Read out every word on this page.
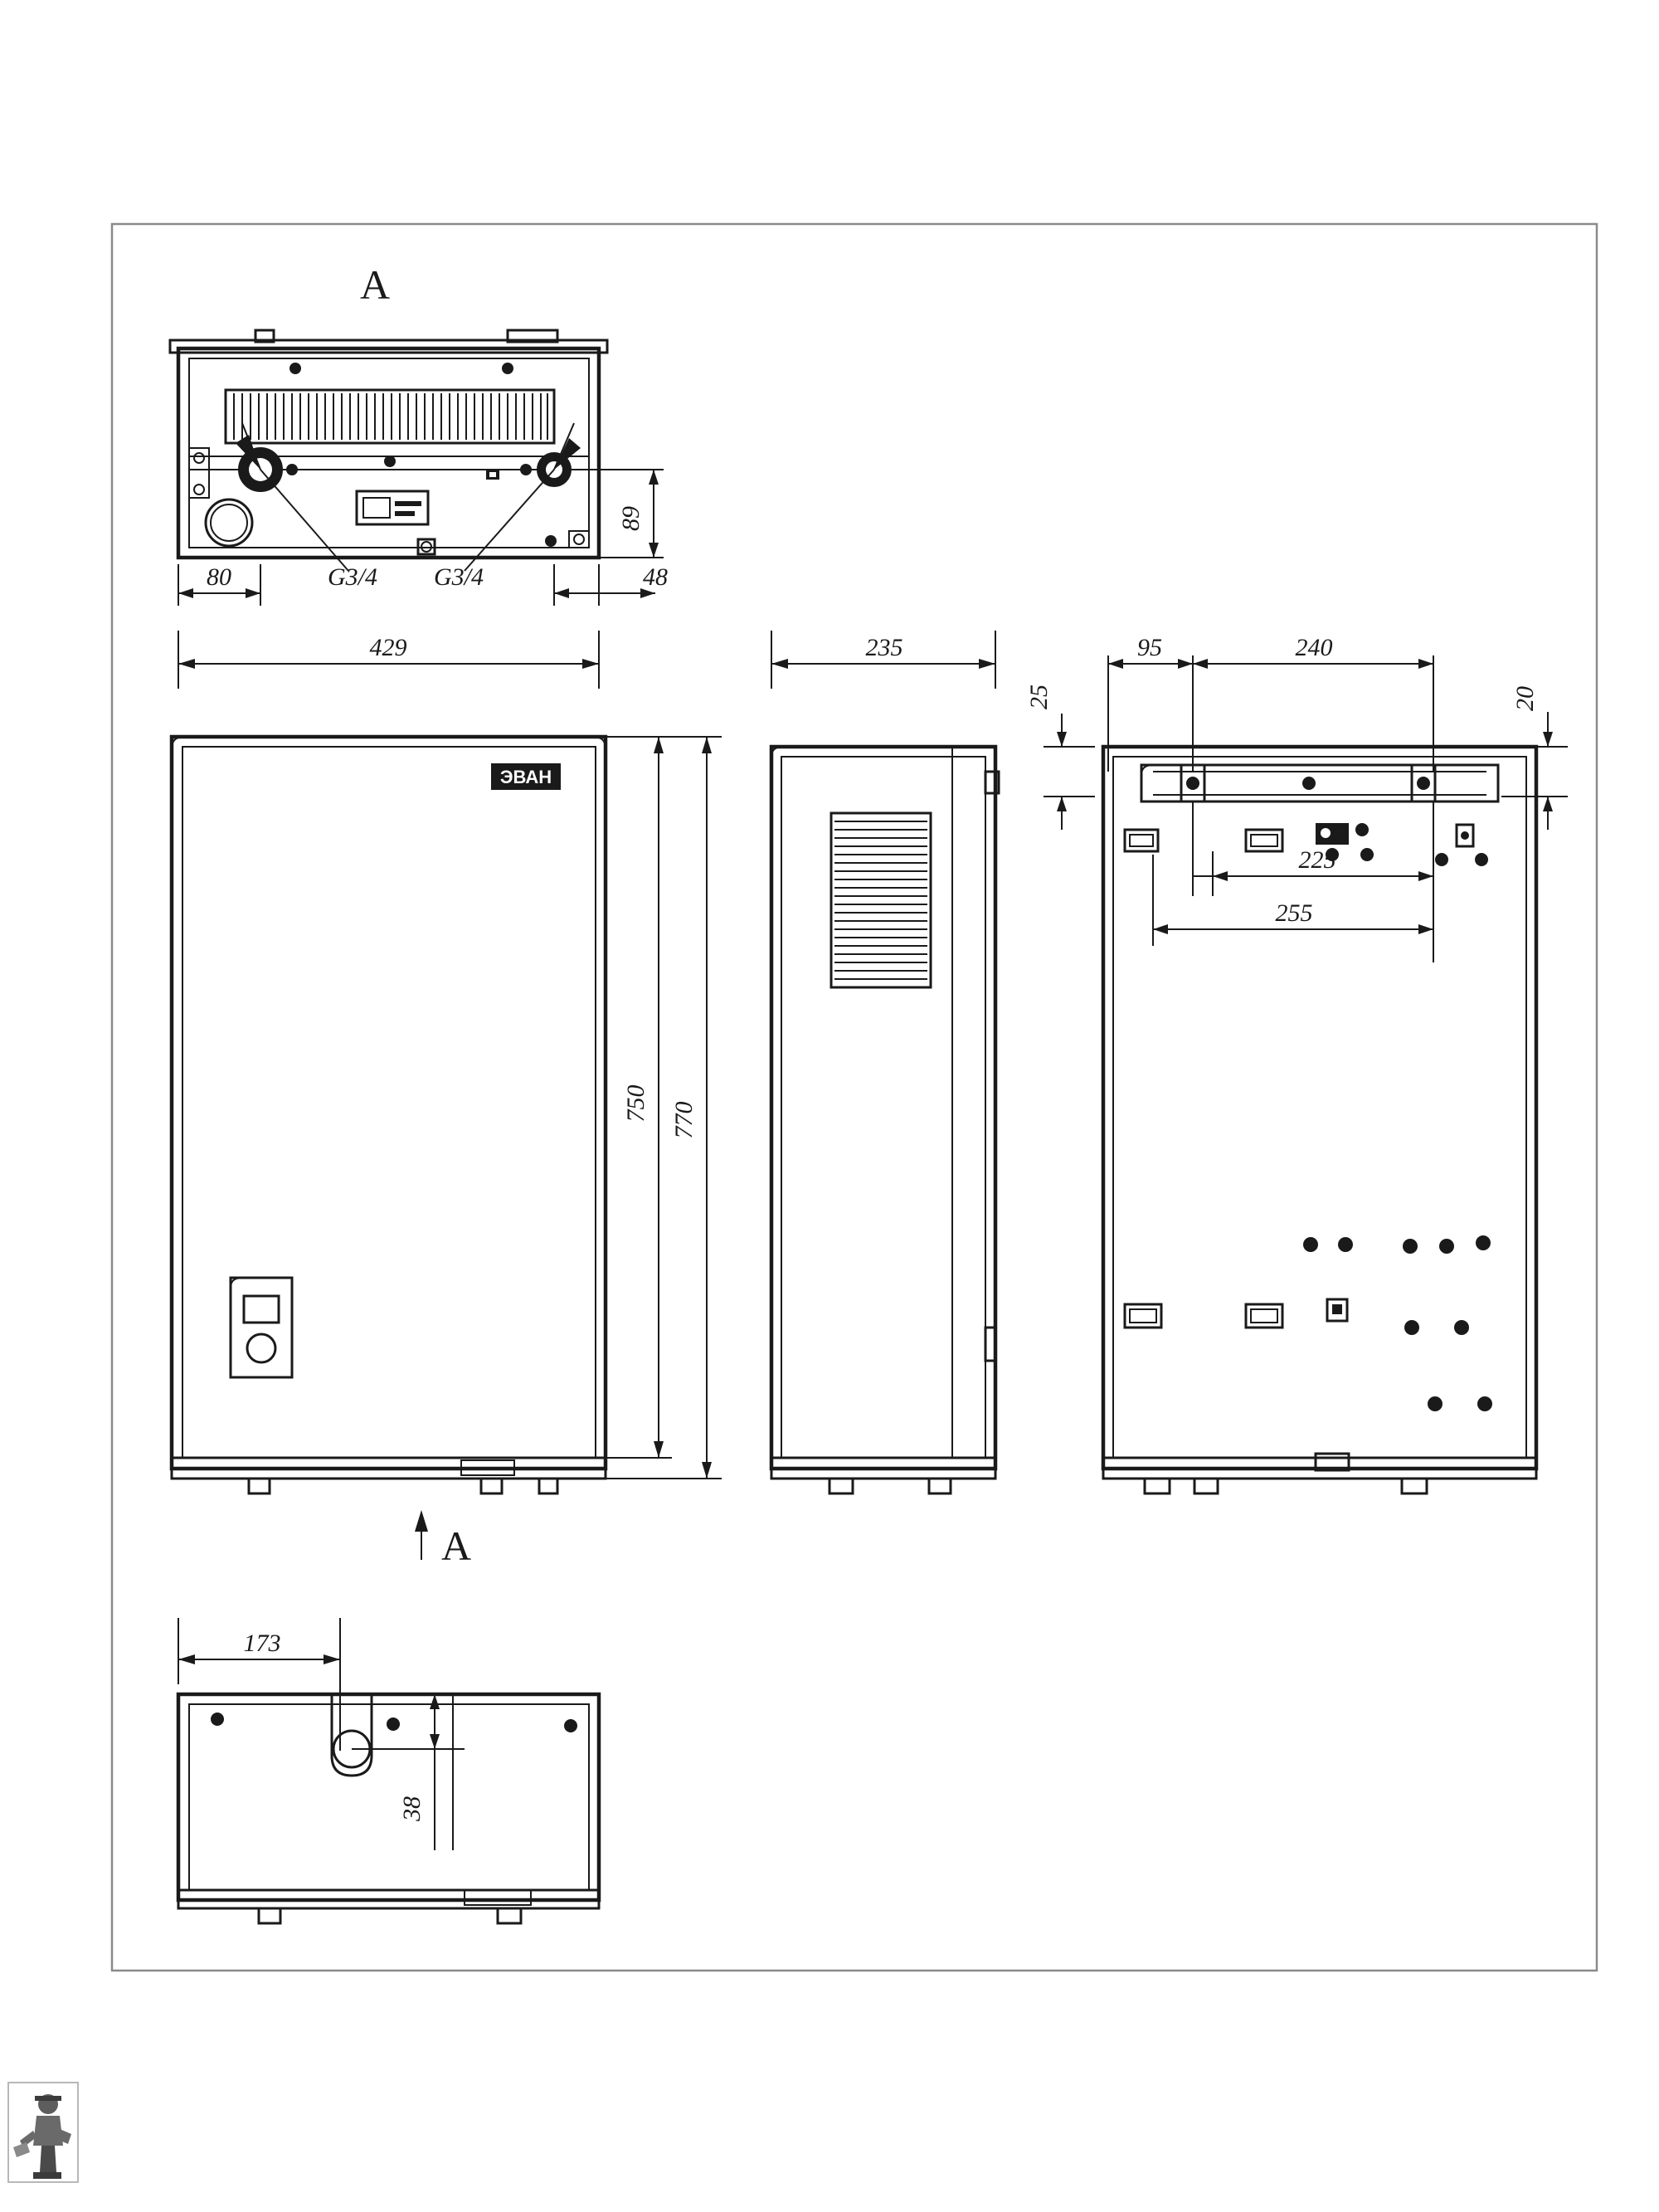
A
89
80	48
G3/4 G3/4
429
ЭВАН
750 770
A
235	95	240
25	20
225
255
173
38
